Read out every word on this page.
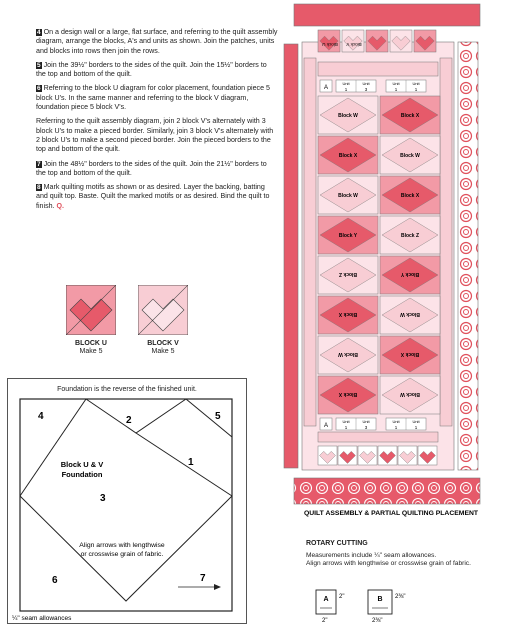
4 On a design wall or a large, flat surface, and referring to the quilt assembly diagram, arrange the blocks, A's and units as shown. Join the patches, units and blocks into rows then join the rows.

5 Join the 39½" borders to the sides of the quilt. Join the 15½" borders to the top and bottom of the quilt.

6 Referring to the block U diagram for color placement, foundation piece 5 block U's. In the same manner and referring to the block V diagram, foundation piece 5 block V's.

Referring to the quilt assembly diagram, join 2 block V's alternately with 3 block U's to make a pieced border. Similarly, join 3 block V's alternately with 2 block U's to make a second pieced border. Join the pieced borders to the top and bottom of the quilt.

7 Join the 48½" borders to the sides of the quilt. Join the 21½" borders to the top and bottom of the quilt.

8 Mark quilting motifs as shown or as desired. Layer the backing, batting and quilt top. Baste. Quilt the marked motifs or as desired. Bind the quilt to finish. Q.

BLOCK U
Make 5
BLOCK V
Make 5
Foundation is the reverse of the finished unit.
4	2	5
1
3
6	7
Block U & V
Foundation
Align arrows with lengthwise
or crosswise grain of fabric.
¼" seam allowances
Block U Block V
Block W	Block X
Block X	Block W
Block W	Block X
Block Y	Block Z
Block Z	Block Y
Block X	Block W
Block W	Block X
Block X	Block W
A
Unit	Unit
1	3
Unit	Unit
1	1
A
Unit	Unit
1	3
Unit	Unit
1	1
QUILT ASSEMBLY & PARTIAL QUILTING PLACEMENT
ROTARY CUTTING
Measurements include ¼" seam allowances.
Align arrows with lengthwise or crosswise grain of fabric.
A 2"
2"
B 2⅜"
2⅜"
